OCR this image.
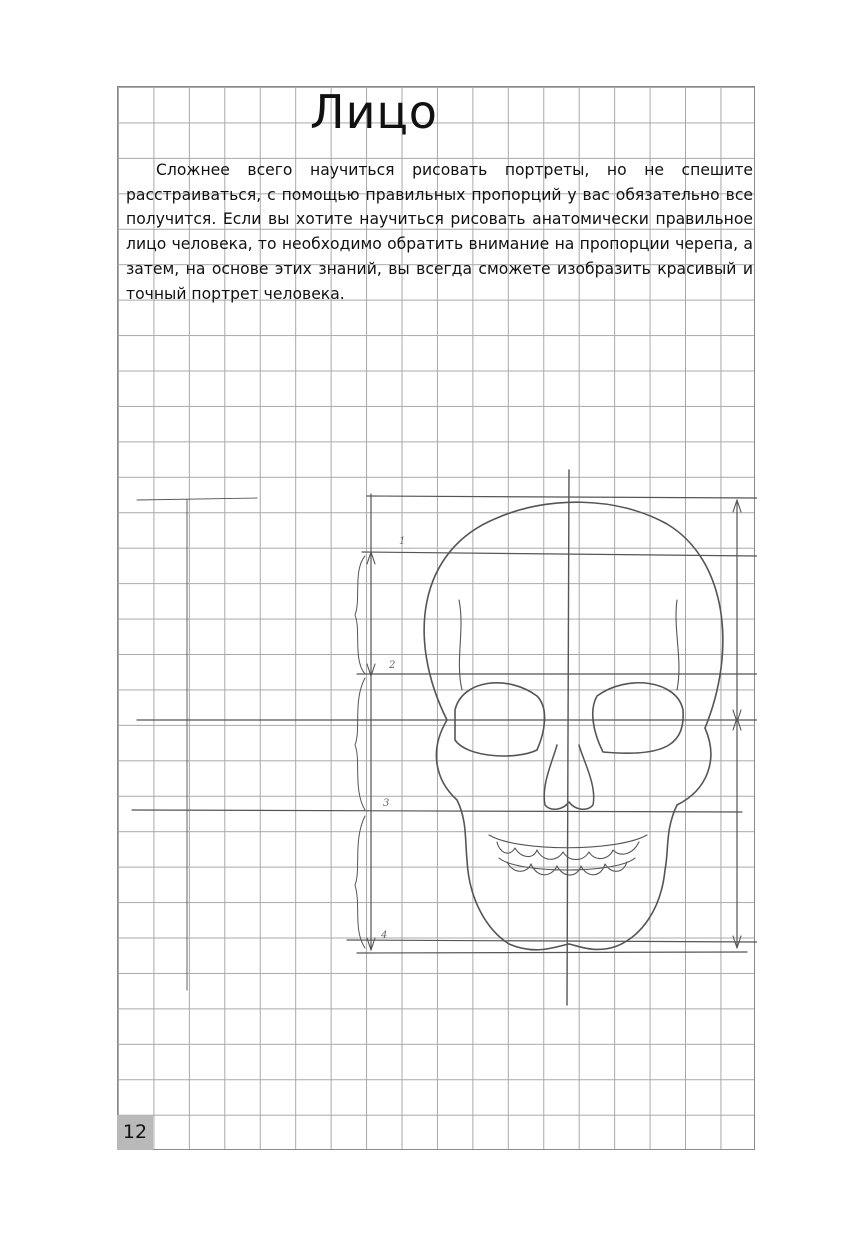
Лицо

Сложнее всего научиться рисовать портреты, но не спешите расстраиваться, с помощью правильных пропорций у вас обязательно все получится. Если вы хотите научиться рисовать анатомически правильное лицо человека, то необходимо обратить внимание на пропорции черепа, а затем, на основе этих знаний, вы всегда сможете изобразить красивый и точный портрет человека.

1
2
3
4
12
